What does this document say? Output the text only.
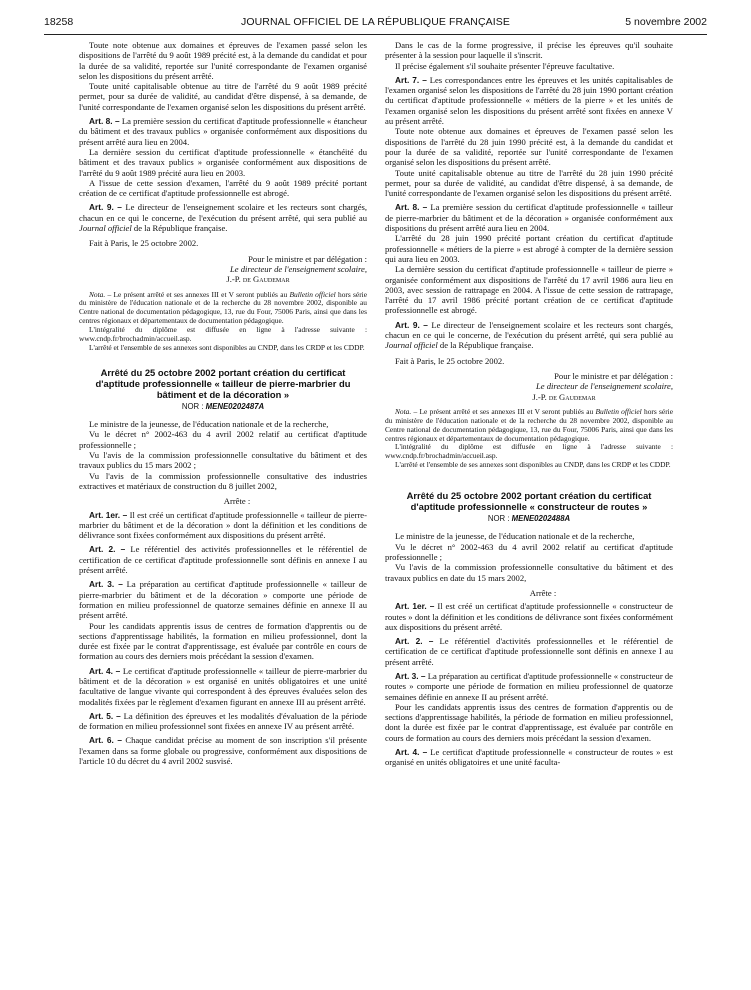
18258	JOURNAL OFFICIEL DE LA RÉPUBLIQUE FRANÇAISE	5 novembre 2002

Toute note obtenue aux domaines et épreuves de l'examen passé selon les dispositions de l'arrêté du 9 août 1989 précité est, à la demande du candidat et pour la durée de sa validité, reportée sur l'unité correspondante de l'examen organisé selon les dispositions du présent arrêté.

Toute unité capitalisable obtenue au titre de l'arrêté du 9 août 1989 précité permet, pour sa durée de validité, au candidat d'être dispensé, à sa demande, de l'unité correspondante de l'examen organisé selon les dispositions du présent arrêté.

Art. 8. – La première session du certificat d'aptitude professionnelle « étancheur du bâtiment et des travaux publics » organisée conformément aux dispositions du présent arrêté aura lieu en 2004.

La dernière session du certificat d'aptitude professionnelle « étanchéité du bâtiment et des travaux publics » organisée conformément aux dispositions de l'arrêté du 9 août 1989 précité aura lieu en 2003.

A l'issue de cette session d'examen, l'arrêté du 9 août 1989 précité portant création de ce certificat d'aptitude professionnelle est abrogé.

Art. 9. – Le directeur de l'enseignement scolaire et les recteurs sont chargés, chacun en ce qui le concerne, de l'exécution du présent arrêté, qui sera publié au Journal officiel de la République française.

Fait à Paris, le 25 octobre 2002.

Pour le ministre et par délégation :

Le directeur de l'enseignement scolaire,

J.-P. de Gaudemar

Nota. – Le présent arrêté et ses annexes III et V seront publiés au Bulletin officiel hors série du ministère de l'éducation nationale et de la recherche du 28 novembre 2002, disponible au Centre national de documentation pédagogique, 13, rue du Four, 75006 Paris, ainsi que dans les centres régionaux et départementaux de documentation pédagogique.

L'intégralité du diplôme est diffusée en ligne à l'adresse suivante : www.cndp.fr/brochadmin/accueil.asp.

L'arrêté et l'ensemble de ses annexes sont disponibles au CNDP, dans les CRDP et les CDDP.

Arrêté du 25 octobre 2002 portant création du certificat d'aptitude professionnelle « tailleur de pierre-marbrier du bâtiment et de la décoration »

NOR : MENE0202487A

Le ministre de la jeunesse, de l'éducation nationale et de la recherche,

Vu le décret n° 2002-463 du 4 avril 2002 relatif au certificat d'aptitude professionnelle ;

Vu l'avis de la commission professionnelle consultative du bâtiment et des travaux publics du 15 mars 2002 ;

Vu l'avis de la commission professionnelle consultative des industries extractives et matériaux de construction du 8 juillet 2002,

Arrête :

Art. 1er. – Il est créé un certificat d'aptitude professionnelle « tailleur de pierre-marbrier du bâtiment et de la décoration » dont la définition et les conditions de délivrance sont fixées conformément aux dispositions du présent arrêté.

Art. 2. – Le référentiel des activités professionnelles et le référentiel de certification de ce certificat d'aptitude professionnelle sont définis en annexe I au présent arrêté.

Art. 3. – La préparation au certificat d'aptitude professionnelle « tailleur de pierre-marbrier du bâtiment et de la décoration » comporte une période de formation en milieu professionnel de quatorze semaines définie en annexe II au présent arrêté.

Pour les candidats apprentis issus de centres de formation d'apprentis ou de sections d'apprentissage habilités, la formation en milieu professionnel, dont la durée est fixée par le contrat d'apprentissage, est évaluée par contrôle en cours de formation au cours des derniers mois précédant la session d'examen.

Art. 4. – Le certificat d'aptitude professionnelle « tailleur de pierre-marbrier du bâtiment et de la décoration » est organisé en unités obligatoires et une unité facultative de langue vivante qui correspondent à des épreuves évaluées selon des modalités fixées par le règlement d'examen figurant en annexe III au présent arrêté.

Art. 5. – La définition des épreuves et les modalités d'évaluation de la période de formation en milieu professionnel sont fixées en annexe IV au présent arrêté.

Art. 6. – Chaque candidat précise au moment de son inscription s'il présente l'examen dans sa forme globale ou progressive, conformément aux dispositions de l'article 10 du décret du 4 avril 2002 susvisé.

Dans le cas de la forme progressive, il précise les épreuves qu'il souhaite présenter à la session pour laquelle il s'inscrit.

Il précise également s'il souhaite présenter l'épreuve facultative.

Art. 7. – Les correspondances entre les épreuves et les unités capitalisables de l'examen organisé selon les dispositions de l'arrêté du 28 juin 1990 portant création du certificat d'aptitude professionnelle « métiers de la pierre » et les unités de l'examen organisé selon les dispositions du présent arrêté sont fixées en annexe V au présent arrêté.

Toute note obtenue aux domaines et épreuves de l'examen passé selon les dispositions de l'arrêté du 28 juin 1990 précité est, à la demande du candidat et pour la durée de sa validité, reportée sur l'unité correspondante de l'examen organisé selon les dispositions du présent arrêté.

Toute unité capitalisable obtenue au titre de l'arrêté du 28 juin 1990 précité permet, pour sa durée de validité, au candidat d'être dispensé, à sa demande, de l'unité correspondante de l'examen organisé selon les dispositions du présent arrêté.

Art. 8. – La première session du certificat d'aptitude professionnelle « tailleur de pierre-marbrier du bâtiment et de la décoration » organisée conformément aux dispositions du présent arrêté aura lieu en 2004.

L'arrêté du 28 juin 1990 précité portant création du certificat d'aptitude professionnelle « métiers de la pierre » est abrogé à compter de la dernière session qui aura lieu en 2003.

La dernière session du certificat d'aptitude professionnelle « tailleur de pierre » organisée conformément aux dispositions de l'arrêté du 17 avril 1986 aura lieu en 2003, avec session de rattrapage en 2004. A l'issue de cette session de rattrapage, l'arrêté du 17 avril 1986 précité portant création de ce certificat d'aptitude professionnelle est abrogé.

Art. 9. – Le directeur de l'enseignement scolaire et les recteurs sont chargés, chacun en ce qui le concerne, de l'exécution du présent arrêté, qui sera publié au Journal officiel de la République française.

Fait à Paris, le 25 octobre 2002.

Pour le ministre et par délégation :

Le directeur de l'enseignement scolaire,

J.-P. de Gaudemar

Nota. – Le présent arrêté et ses annexes III et V seront publiés au Bulletin officiel hors série du ministère de l'éducation nationale et de la recherche du 28 novembre 2002, disponible au Centre national de documentation pédagogique, 13, rue du Four, 75006 Paris, ainsi que dans les centres régionaux et départementaux de documentation pédagogique.

L'intégralité du diplôme est diffusée en ligne à l'adresse suivante : www.cndp.fr/brochadmin/accueil.asp.

L'arrêté et l'ensemble de ses annexes sont disponibles au CNDP, dans les CRDP et les CDDP.

Arrêté du 25 octobre 2002 portant création du certificat d'aptitude professionnelle « constructeur de routes »

NOR : MENE0202488A

Le ministre de la jeunesse, de l'éducation nationale et de la recherche,

Vu le décret n° 2002-463 du 4 avril 2002 relatif au certificat d'aptitude professionnelle ;

Vu l'avis de la commission professionnelle consultative du bâtiment et des travaux publics en date du 15 mars 2002,

Arrête :

Art. 1er. – Il est créé un certificat d'aptitude professionnelle « constructeur de routes » dont la définition et les conditions de délivrance sont fixées conformément aux dispositions du présent arrêté.

Art. 2. – Le référentiel d'activités professionnelles et le référentiel de certification de ce certificat d'aptitude professionnelle sont définis en annexe I au présent arrêté.

Art. 3. – La préparation au certificat d'aptitude professionnelle « constructeur de routes » comporte une période de formation en milieu professionnel de quatorze semaines définie en annexe II au présent arrêté.

Pour les candidats apprentis issus des centres de formation d'apprentis ou de sections d'apprentissage habilités, la période de formation en milieu professionnel, dont la durée est fixée par le contrat d'apprentissage, est évaluée par contrôle en cours de formation au cours des derniers mois précédant la session d'examen.

Art. 4. – Le certificat d'aptitude professionnelle « constructeur de routes » est organisé en unités obligatoires et une unité faculta-
